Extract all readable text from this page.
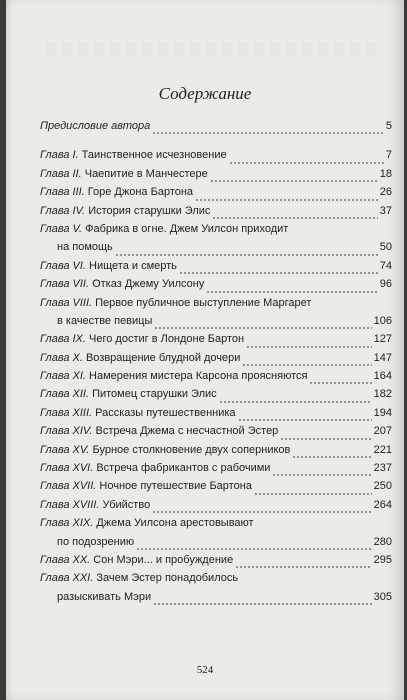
Содержание
Предисловие автора	5
Глава I.
Таинственное исчезновение	7
Глава II.
Чаепитие в Манчестере	18
Глава III.
Горе Джона Бартона	26
Глава IV.
История старушки Элис	37
Глава V.
Фабрика в огне. Джем Уилсон приходит
на помощь	50
Глава VI.
Нищета и смерть	74
Глава VII.
Отказ Джему Уилсону	96
Глава VIII.
Первое публичное выступление Маргарет
в качестве певицы	106
Глава IX.
Чего достиг в Лондоне Бартон	127
Глава X.
Возвращение блудной дочери	147
Глава XI.
Намерения мистера Карсона проясняются	164
Глава XII.
Питомец старушки Элис	182
Глава XIII.
Рассказы путешественника	194
Глава XIV.
Встреча Джема с несчастной Эстер	207
Глава XV.
Бурное столкновение двух соперников	221
Глава XVI.
Встреча фабрикантов с рабочими	237
Глава XVII.
Ночное путешествие Бартона	250
Глава XVIII.
Убийство	264
Глава XIX.
Джема Уилсона арестовывают
по подозрению	280
Глава XX.
Сон Мэри... и пробуждение	295
Глава XXI.
Зачем Эстер понадобилось
разыскивать Мэри	305
524
